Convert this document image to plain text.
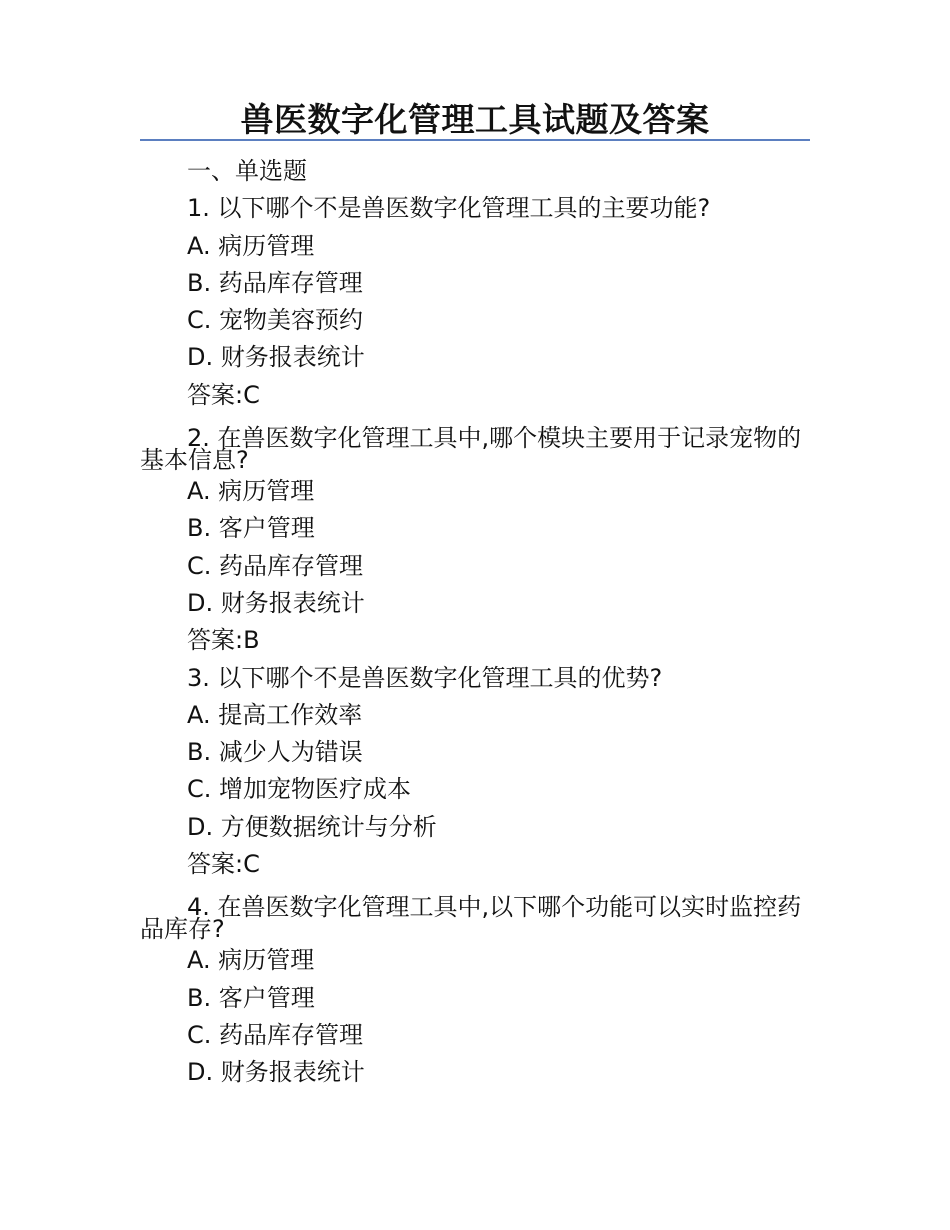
兽医数字化管理工具试题及答案
一、单选题
1. 以下哪个不是兽医数字化管理工具的主要功能?
A. 病历管理
B. 药品库存管理
C. 宠物美容预约
D. 财务报表统计
答案:C
2. 在兽医数字化管理工具中,哪个模块主要用于记录宠物的基本信息?
A. 病历管理
B. 客户管理
C. 药品库存管理
D. 财务报表统计
答案:B
3. 以下哪个不是兽医数字化管理工具的优势?
A. 提高工作效率
B. 减少人为错误
C. 增加宠物医疗成本
D. 方便数据统计与分析
答案:C
4. 在兽医数字化管理工具中,以下哪个功能可以实时监控药品库存?
A. 病历管理
B. 客户管理
C. 药品库存管理
D. 财务报表统计
